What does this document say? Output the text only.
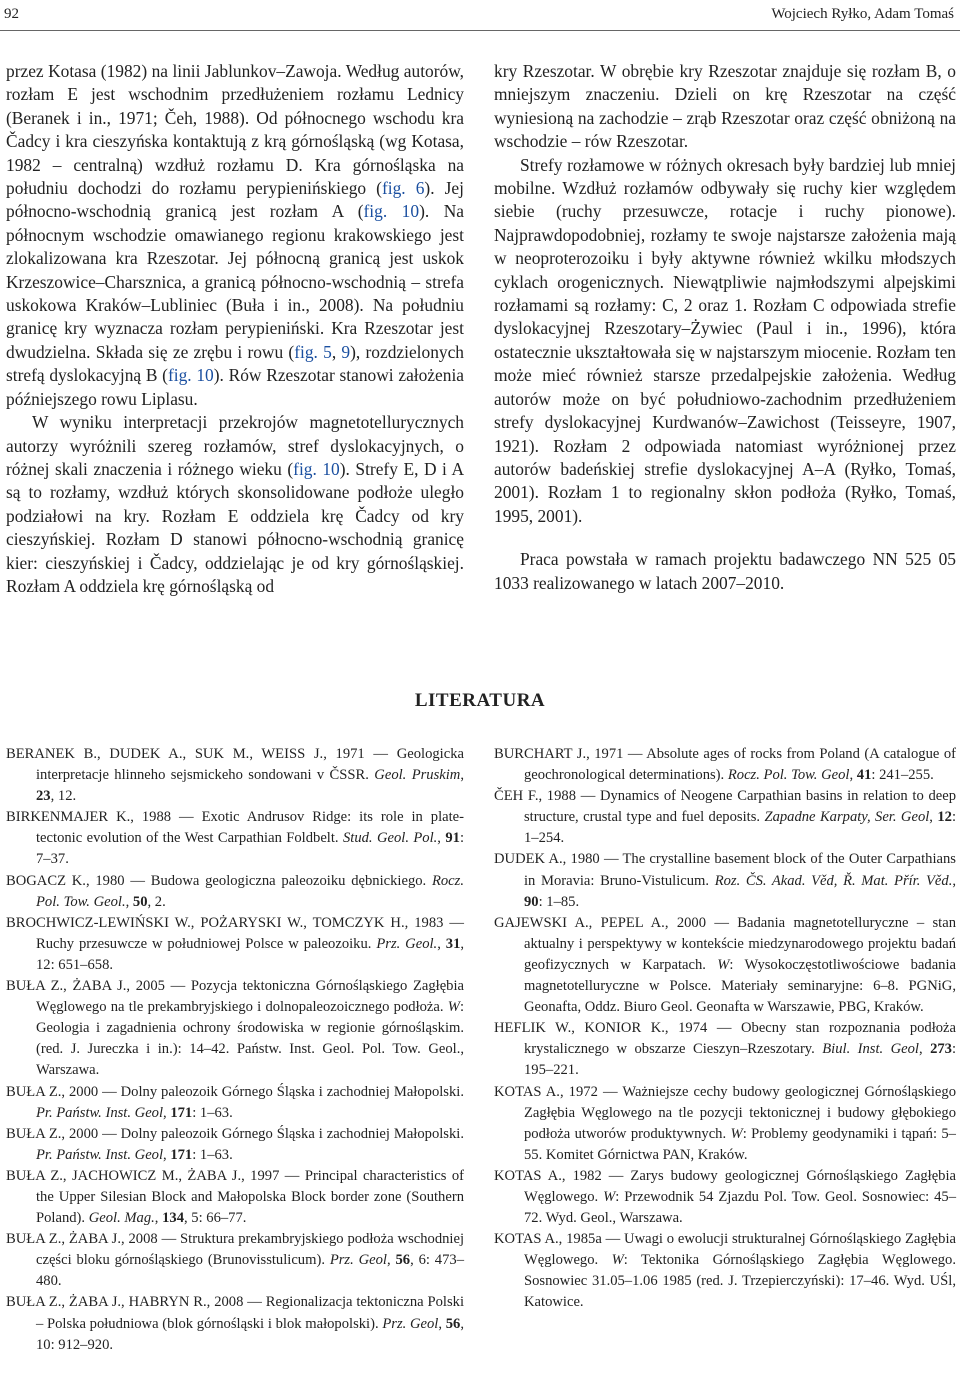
92	Wojciech Ryłko, Adam Tomaś

przez Kotasa (1982) na linii Jablunkov–Zawoja. Według autorów, rozłam E jest wschodnim przedłużeniem rozłamu Lednicy (Beranek i in., 1971; Čeh, 1988). Od północnego wschodu kra Čadcy i kra cieszyńska kontaktują z krą górnośląską (wg Kotasa, 1982 – centralną) wzdłuż rozłamu D. Kra górnośląska na południu dochodzi do rozłamu perypienińskiego (fig. 6). Jej północno-wschodnią granicą jest rozłam A (fig. 10). Na północnym wschodzie omawianego regionu krakowskiego jest zlokalizowana kra Rzeszotar. Jej północną granicą jest uskok Krzeszowice–Charsznica, a granicą północno-wschodnią – strefa uskokowa Kraków–Lubliniec (Buła i in., 2008). Na południu granicę kry wyznacza rozłam perypieniński. Kra Rzeszotar jest dwudzielna. Składa się ze zrębu i rowu (fig. 5, 9), rozdzielonych strefą dyslokacyjną B (fig. 10). Rów Rzeszotar stanowi założenia późniejszego rowu Liplasu.

W wyniku interpretacji przekrojów magnetotellurycznych autorzy wyróżnili szereg rozłamów, stref dyslokacyjnych, o różnej skali znaczenia i różnego wieku (fig. 10). Strefy E, D i A są to rozłamy, wzdłuż których skonsolidowane podłoże uległo podziałowi na kry. Rozłam E oddziela krę Čadcy od kry cieszyńskiej. Rozłam D stanowi północno-wschodnią granicę kier: cieszyńskiej i Čadcy, oddzielając je od kry górnośląskiej. Rozłam A oddziela krę górnośląską od

kry Rzeszotar. W obrębie kry Rzeszotar znajduje się rozłam B, o mniejszym znaczeniu. Dzieli on krę Rzeszotar na część wyniesioną na zachodzie – zrąb Rzeszotar oraz część obniżoną na wschodzie – rów Rzeszotar.

Strefy rozłamowe w różnych okresach były bardziej lub mniej mobilne. Wzdłuż rozłamów odbywały się ruchy kier względem siebie (ruchy przesuwcze, rotacje i ruchy pionowe). Najprawdopodobniej, rozłamy te swoje najstarsze założenia mają w neoproterozoiku i były aktywne również wkilku młodszych cyklach orogenicznych. Niewątpliwie najmłodszymi alpejskimi rozłamami są rozłamy: C, 2 oraz 1. Rozłam C odpowiada strefie dyslokacyjnej Rzeszotary–Żywiec (Paul i in., 1996), która ostatecznie ukształtowała się w najstarszym miocenie. Rozłam ten może mieć również starsze przedalpejskie założenia. Według autorów może on być południowo-zachodnim przedłużeniem strefy dyslokacyjnej Kurdwanów–Zawichost (Teisseyre, 1907, 1921). Rozłam 2 odpowiada natomiast wyróżnionej przez autorów badeńskiej strefie dyslokacyjnej A–A (Ryłko, Tomaś, 2001). Rozłam 1 to regionalny skłon podłoża (Ryłko, Tomaś, 1995, 2001).

Praca powstała w ramach projektu badawczego NN 525 05 1033 realizowanego w latach 2007–2010.

LITERATURA

BERANEK B., DUDEK A., SUK M., WEISS J., 1971 — Geologicka interpretacje hlinneho sejsmickeho sondowani v ČSSR. Geol. Pruskim, 23, 12.

BIRKENMAJER K., 1988 — Exotic Andrusov Ridge: its role in plate-tectonic evolution of the West Carpathian Foldbelt. Stud. Geol. Pol., 91: 7–37.

BOGACZ K., 1980 — Budowa geologiczna paleozoiku dębnickiego. Rocz. Pol. Tow. Geol., 50, 2.

BROCHWICZ-LEWIŃSKI W., POŻARYSKI W., TOMCZYK H., 1983 — Ruchy przesuwcze w południowej Polsce w paleozoiku. Prz. Geol., 31, 12: 651–658.

BUŁA Z., ŻABA J., 2005 — Pozycja tektoniczna Górnośląskiego Zagłębia Węglowego na tle prekambryjskiego i dolnopaleozoicznego podłoża. W: Geologia i zagadnienia ochrony środowiska w regionie górnośląskim. (red. J. Jureczka i in.): 14–42. Państw. Inst. Geol. Pol. Tow. Geol., Warszawa.

BUŁA Z., 2000 — Dolny paleozoik Górnego Śląska i zachodniej Małopolski. Pr. Państw. Inst. Geol, 171: 1–63.

BUŁA Z., 2000 — Dolny paleozoik Górnego Śląska i zachodniej Małopolski. Pr. Państw. Inst. Geol, 171: 1–63.

BUŁA Z., JACHOWICZ M., ŻABA J., 1997 — Principal characteristics of the Upper Silesian Block and Małopolska Block border zone (Southern Poland). Geol. Mag., 134, 5: 66–77.

BUŁA Z., ŻABA J., 2008 — Struktura prekambryjskiego podłoża wschodniej części bloku górnośląskiego (Brunovisstulicum). Prz. Geol, 56, 6: 473–480.

BUŁA Z., ŻABA J., HABRYN R., 2008 — Regionalizacja tektoniczna Polski – Polska południowa (blok górnośląski i blok małopolski). Prz. Geol, 56, 10: 912–920.

BURCHART J., 1971 — Absolute ages of rocks from Poland (A catalogue of geochronological determinations). Rocz. Pol. Tow. Geol, 41: 241–255.

ČEH F., 1988 — Dynamics of Neogene Carpathian basins in relation to deep structure, crustal type and fuel deposits. Zapadne Karpaty, Ser. Geol, 12: 1–254.

DUDEK A., 1980 — The crystalline basement block of the Outer Carpathians in Moravia: Bruno-Vistulicum. Roz. ČS. Akad. Věd, Ř. Mat. Přír. Věd., 90: 1–85.

GAJEWSKI A., PEPEL A., 2000 — Badania magnetotelluryczne – stan aktualny i perspektywy w kontekście miedzynarodowego projektu badań geofizycznych w Karpatach. W: Wysokoczęstotliwościowe badania magnetotelluryczne w Polsce. Materiały seminaryjne: 6–8. PGNiG, Geonafta, Oddz. Biuro Geol. Geonafta w Warszawie, PBG, Kraków.

HEFLIK W., KONIOR K., 1974 — Obecny stan rozpoznania podłoża krystalicznego w obszarze Cieszyn–Rzeszotary. Biul. Inst. Geol, 273: 195–221.

KOTAS A., 1972 — Ważniejsze cechy budowy geologicznej Górnośląskiego Zagłębia Węglowego na tle pozycji tektonicznej i budowy głębokiego podłoża utworów produktywnych. W: Problemy geodynamiki i tąpań: 5–55. Komitet Górnictwa PAN, Kraków.

KOTAS A., 1982 — Zarys budowy geologicznej Górnośląskiego Zagłębia Węglowego. W: Przewodnik 54 Zjazdu Pol. Tow. Geol. Sosnowiec: 45–72. Wyd. Geol., Warszawa.

KOTAS A., 1985a — Uwagi o ewolucji strukturalnej Górnośląskiego Zagłębia Węglowego. W: Tektonika Górnośląskiego Zagłębia Węglowego. Sosnowiec 31.05–1.06 1985 (red. J. Trzepierczyński): 17–46. Wyd. UŚl, Katowice.
